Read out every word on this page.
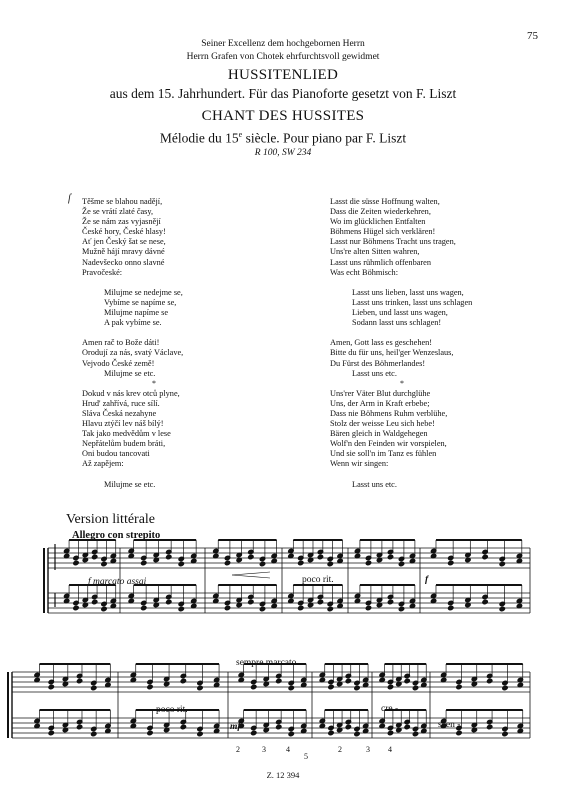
75
Seiner Excellenz dem hochgebornen Herrn
Herrn Grafen von Chotek ehrfurchtsvoll gewidmet
HUSSITENLIED
aus dem 15. Jahrhundert. Für das Pianoforte gesetzt von F. Liszt
CHANT DES HUSSITES
Mélodie du 15e siècle. Pour piano par F. Liszt
R 100, SW 234
Těšme se blahou nadějí,
Že se vrátí zlaté časy,
Že se nám zas vyjasnějí
České hory, České hlasy!
Ať jen Český šat se nese,
Mužně hájí mravy dávné
Nadevšecko onno slavné
Pravočeské:

Milujme se nedejme se,
Vybíme se napíme se,
Milujme napíme se
A pak vybíme se.

Amen rač to Bože dáti!
Orodují za nás, svatý Václave,
Vejvodo České země!
Milujme se etc.
*
Dokud v nás krev otců plyne,
Hrud' zahřívá, ruce sílí.
Sláva Česká nezahyne
Hlavu ztýčí lev náš bílý!
Tak jako medvědům v lese
Nepřátelům budem bráti,
Oni budou tancovati
Až zapějem:

Milujme se etc.
Lasst die süsse Hoffnung walten,
Dass die Zeiten wiederkehren,
Wo im glücklichen Entfalten
Böhmens Hügel sich verklären!
Lasst nur Böhmens Tracht uns tragen,
Uns're alten Sitten wahren,
Lasst uns rühmlich offenbaren
Was echt Böhmisch:

Lasst uns lieben, lasst uns wagen,
Lasst uns trinken, lasst uns schlagen
Lieben, und lasst uns wagen,
Sodann lasst uns schlagen!

Amen, Gott lass es geschehen!
Bitte du für uns, heil'ger Wenzeslaus,
Du Fürst des Böhmerlandes!
Lasst uns etc.
*
Uns'rer Väter Blut durchglühe
Uns, der Arm in Kraft erbebe;
Dass nie Böhmens Ruhm verblühe,
Stolz der weisse Leu sich hebe!
Bären gleich in Waldgehegen
Wolf'n den Feinden wir vorspielen,
Und sie soll'n im Tanz es fühlen
Wenn wir singen:

Lasst uns etc.
ſ
Version littérale
Allegro con strepito
f marcato assai	poco rit.	f
poco rit.
sempre marcato
mf
cre -
scen -
2	3	4
5
2	3 4
Z. 12 394
